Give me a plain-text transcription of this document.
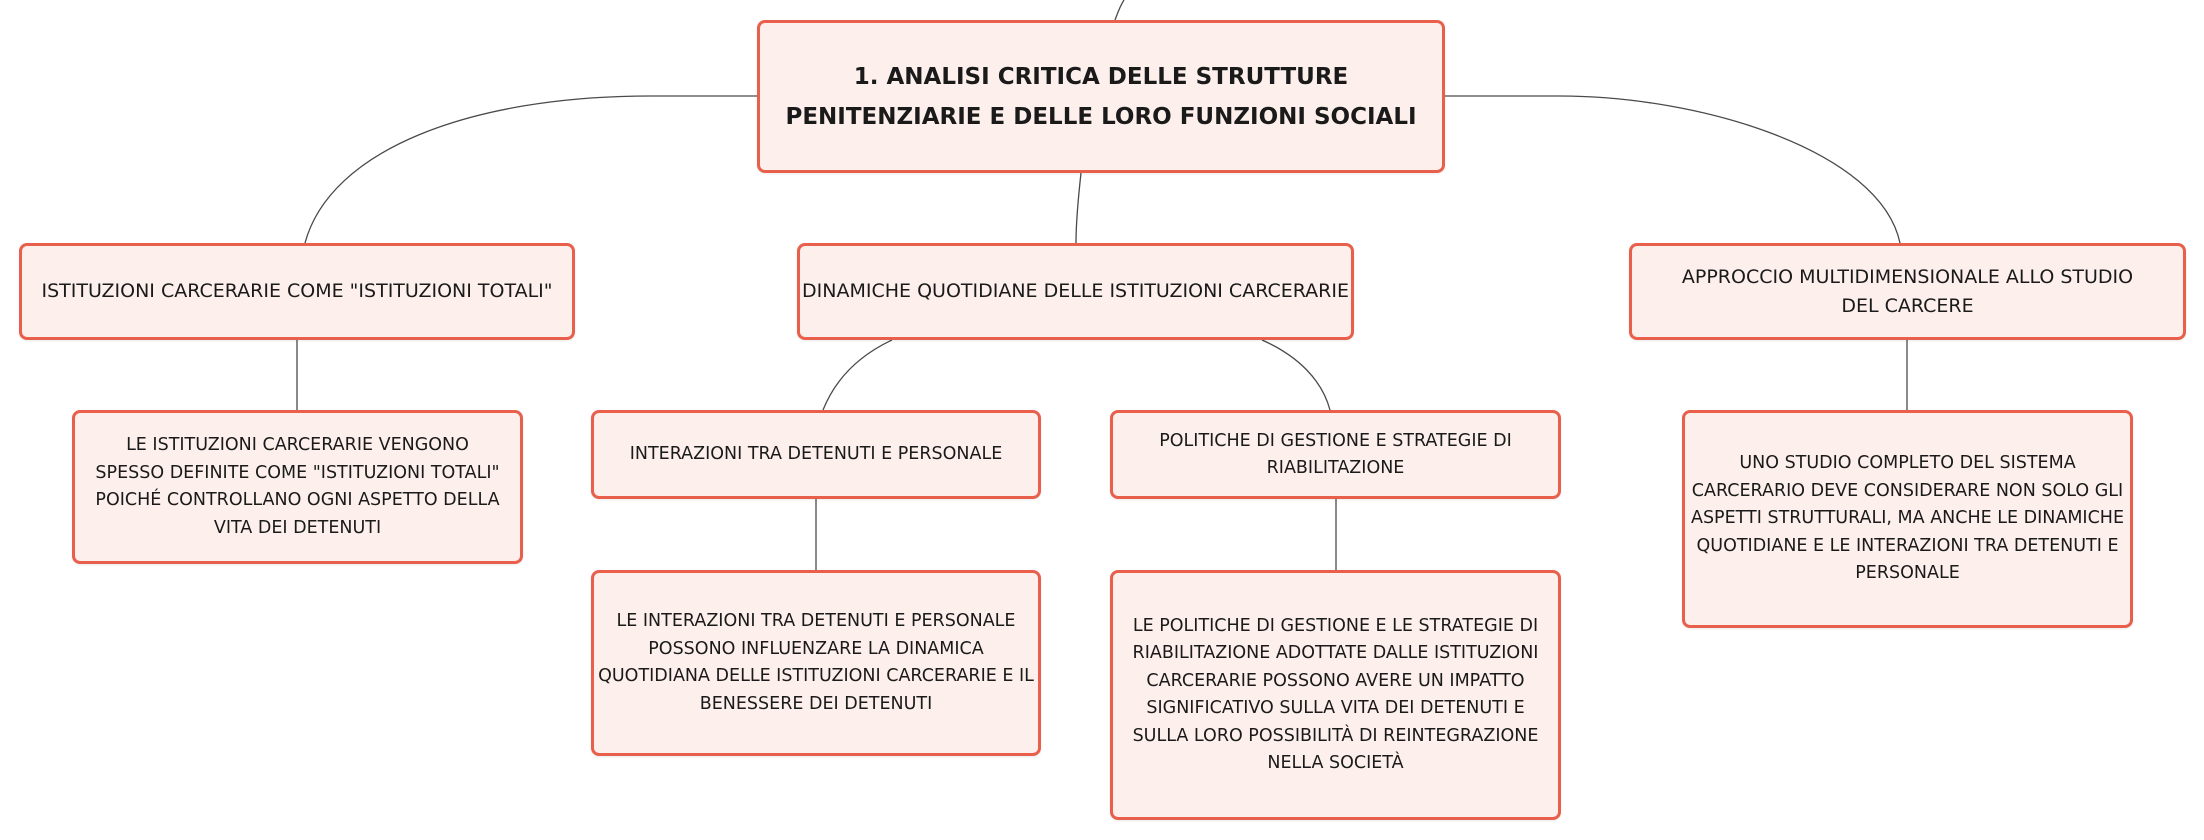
1. ANALISI CRITICA DELLE STRUTTURE PENITENZIARIE E DELLE LORO FUNZIONI SOCIALI
ISTITUZIONI CARCERARIE COME "ISTITUZIONI TOTALI"	DINAMICHE QUOTIDIANE DELLE ISTITUZIONI CARCERARIE
APPROCCIO MULTIDIMENSIONALE ALLO STUDIO DEL CARCERE
INTERAZIONI TRA DETENUTI E PERSONALE
POLITICHE DI GESTIONE E STRATEGIE DI RIABILITAZIONE
LE ISTITUZIONI CARCERARIE VENGONO SPESSO DEFINITE COME "ISTITUZIONI TOTALI" POICHÉ CONTROLLANO OGNI ASPETTO DELLA VITA DEI DETENUTI
LE INTERAZIONI TRA DETENUTI E PERSONALE POSSONO INFLUENZARE LA DINAMICA QUOTIDIANA DELLE ISTITUZIONI CARCERARIE E IL BENESSERE DEI DETENUTI
LE POLITICHE DI GESTIONE E LE STRATEGIE DI RIABILITAZIONE ADOTTATE DALLE ISTITUZIONI CARCERARIE POSSONO AVERE UN IMPATTO SIGNIFICATIVO SULLA VITA DEI DETENUTI E SULLA LORO POSSIBILITÀ DI REINTEGRAZIONE NELLA SOCIETÀ
UNO STUDIO COMPLETO DEL SISTEMA CARCERARIO DEVE CONSIDERARE NON SOLO GLI ASPETTI STRUTTURALI, MA ANCHE LE DINAMICHE QUOTIDIANE E LE INTERAZIONI TRA DETENUTI E PERSONALE
